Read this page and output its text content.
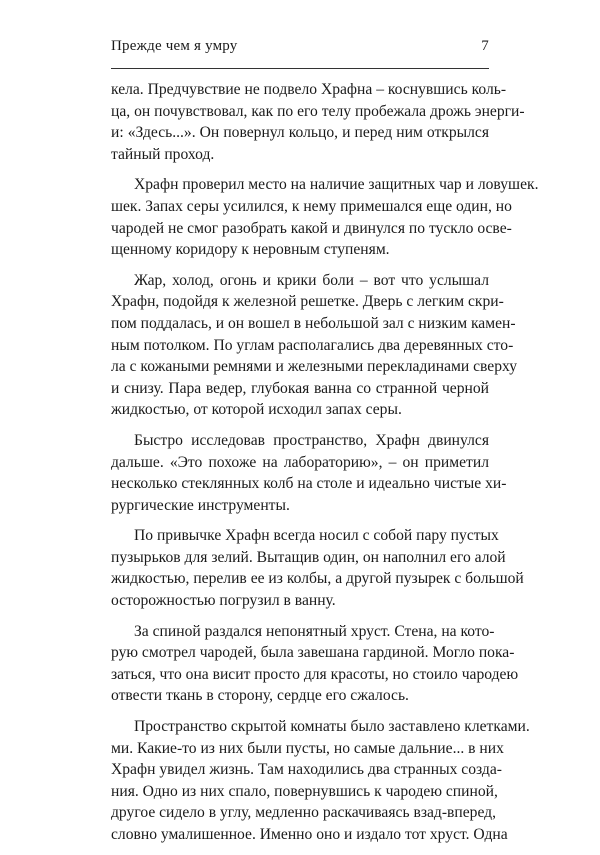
Прежде чем я умру	7
кела. Предчувствие не подвело Храфна – коснувшись коль-
ца, он почувствовал, как по его телу пробежала дрожь энерги-
и: «Здесь...». Он повернул кольцо, и перед ним открылся
тайный проход.
Храфн проверил место на наличие защитных чар и ловушек.
шек. Запах серы усилился, к нему примешался еще один, но
чародей не смог разобрать какой и двинулся по тускло осве-
щенному коридору к неровным ступеням.
Жар, холод, огонь и крики боли – вот что услышал
Храфн, подойдя к железной решетке. Дверь с легким скри-
пом поддалась, и он вошел в небольшой зал с низким камен-
ным потолком. По углам располагались два деревянных сто-
ла с кожаными ремнями и железными перекладинами сверху
и снизу. Пара ведер, глубокая ванна со странной черной
жидкостью, от которой исходил запах серы.
Быстро исследовав пространство, Храфн двинулся
дальше. «Это похоже на лабораторию», – он приметил
несколько стеклянных колб на столе и идеально чистые хи-
рургические инструменты.
По привычке Храфн всегда носил с собой пару пустых
пузырьков для зелий. Вытащив один, он наполнил его алой
жидкостью, перелив ее из колбы, а другой пузырек с большой
осторожностью погрузил в ванну.
За спиной раздался непонятный хруст. Стена, на кото-
рую смотрел чародей, была завешана гардиной. Могло пока-
заться, что она висит просто для красоты, но стоило чародею
отвести ткань в сторону, сердце его сжалось.
Пространство скрытой комнаты было заставлено клетками.
ми. Какие-то из них были пусты, но самые дальние... в них
Храфн увидел жизнь. Там находились два странных созда-
ния. Одно из них спало, повернувшись к чародею спиной,
другое сидело в углу, медленно раскачиваясь взад-вперед,
словно умалишенное. Именно оно и издало тот хруст. Одна
